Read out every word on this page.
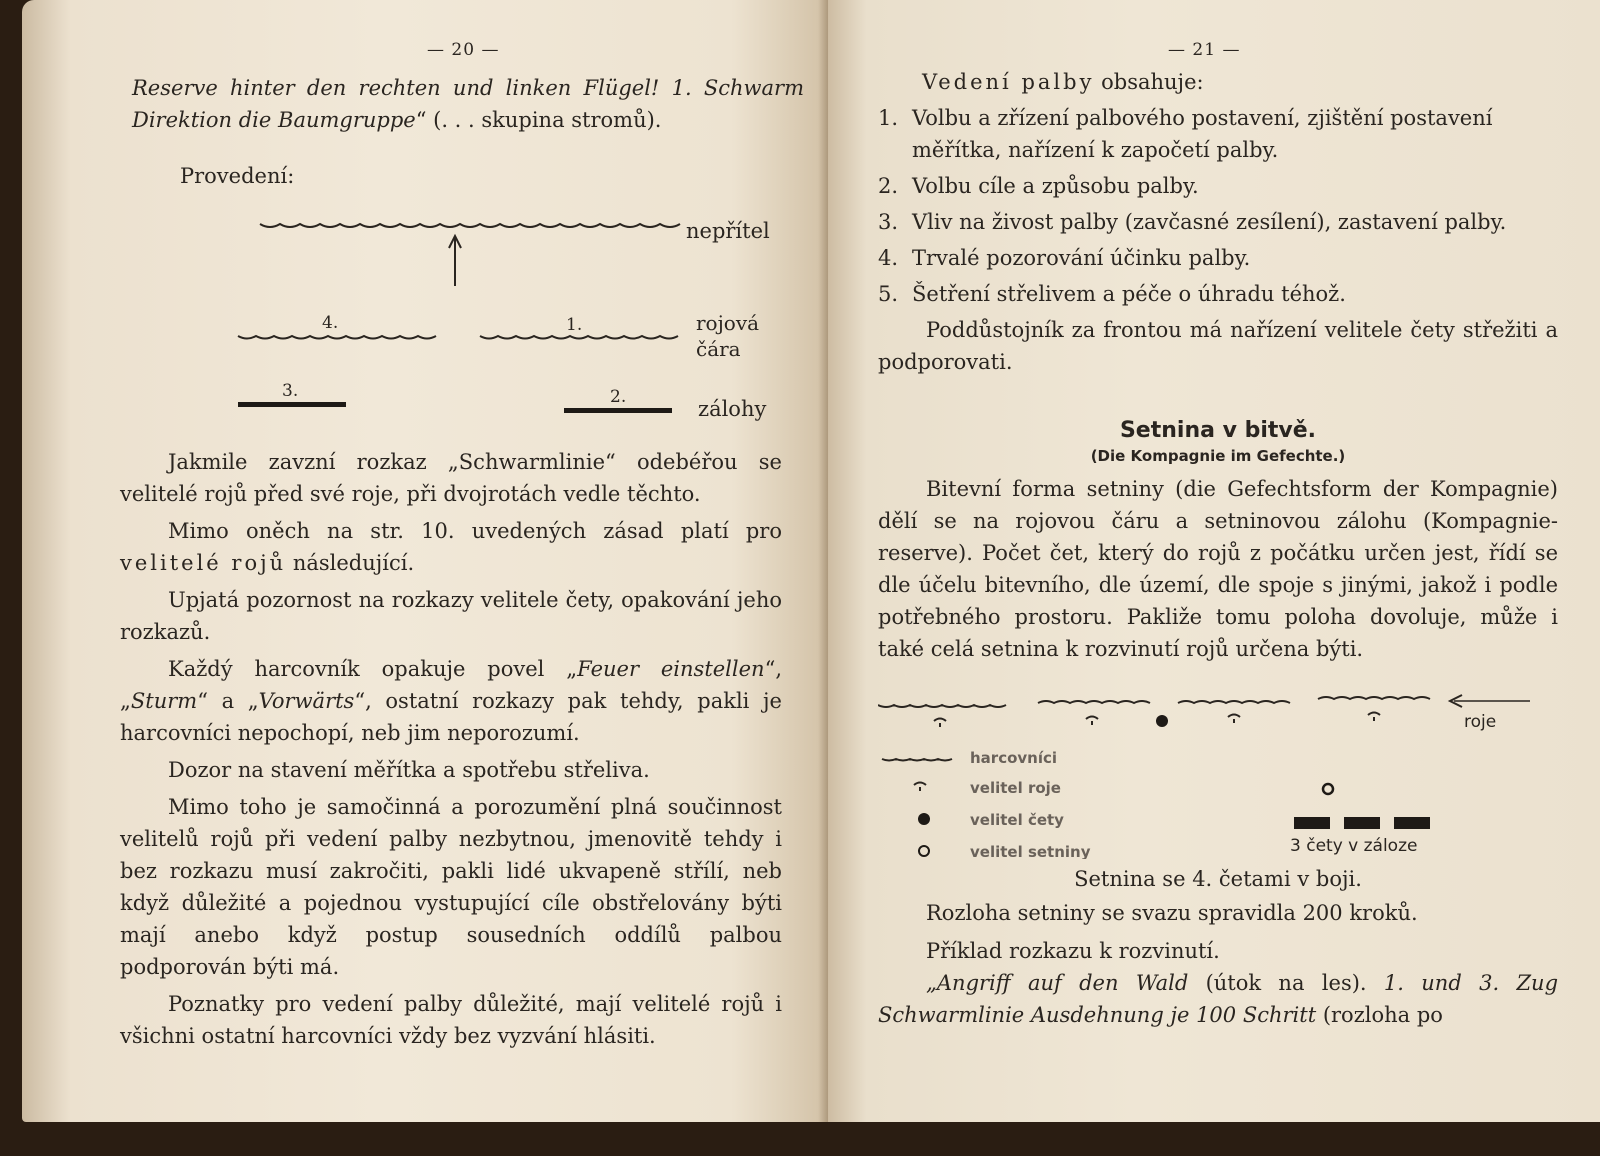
— 20 —
Reserve hinter den rechten und linken Flügel! 1. Schwarm Direktion die Baumgruppe“ (. . . skupina stromů).
Provedení:
nepřítel
4.	1.
3.	2.
rojová čára
zálohy

Jakmile zavzní rozkaz „Schwarmlinie“ odebéřou se velitelé rojů před své roje, při dvojrotách vedle těchto.

Mimo oněch na str. 10. uvedených zásad platí pro velitelé rojů následující.

Upjatá pozornost na rozkazy velitele čety, opakování jeho rozkazů.

Každý harcovník opakuje povel „Feuer einstellen“, „Sturm“ a „Vorwärts“, ostatní rozkazy pak tehdy, pakli je harcovníci nepochopí, neb jim neporozumí.

Dozor na stavení měřítka a spotřebu střeliva.

Mimo toho je samočinná a porozumění plná součinnost velitelů rojů při vedení palby nezbytnou, jmenovitě tehdy i bez rozkazu musí zakročiti, pakli lidé ukvapeně střílí, neb když důležité a pojednou vystupující cíle obstřelovány býti mají anebo když postup sousedních oddílů palbou podporován býti má.

Poznatky pro vedení palby důležité, mají velitelé rojů i všichni ostatní harcovníci vždy bez vyzvání hlásiti.

— 21 —

Vedení palby obsahuje:

1. Volbu a zřízení palbového postavení, zjištění postavení měřítka, nařízení k započetí palby.
2. Volbu cíle a způsobu palby.
3. Vliv na živost palby (zavčasné zesílení), zastavení palby.
4. Trvalé pozorování účinku palby.
5. Šetření střelivem a péče o úhradu téhož.

Poddůstojník za frontou má nařízení velitele čety střežiti a podporovati.

Setnina v bitvě.
(Die Kompagnie im Gefechte.)

Bitevní forma setniny (die Gefechtsform der Kompagnie) dělí se na rojovou čáru a setninovou zálohu (Kompagnie-reserve). Počet čet, který do rojů z počátku určen jest, řídí se dle účelu bitevního, dle území, dle spoje s jinými, jakož i podle potřebného prostoru. Pakliže tomu poloha dovoluje, může i také celá setnina k rozvinutí rojů určena býti.

roje
harcovníci
velitel roje
velitel čety
velitel setniny	3 čety v záloze
Setnina se 4. četami v boji.

Rozloha setniny se svazu spravidla 200 kroků.

Příklad rozkazu k rozvinutí.

„Angriff auf den Wald (útok na les). 1. und 3. Zug Schwarmlinie Ausdehnung je 100 Schritt (rozloha po
